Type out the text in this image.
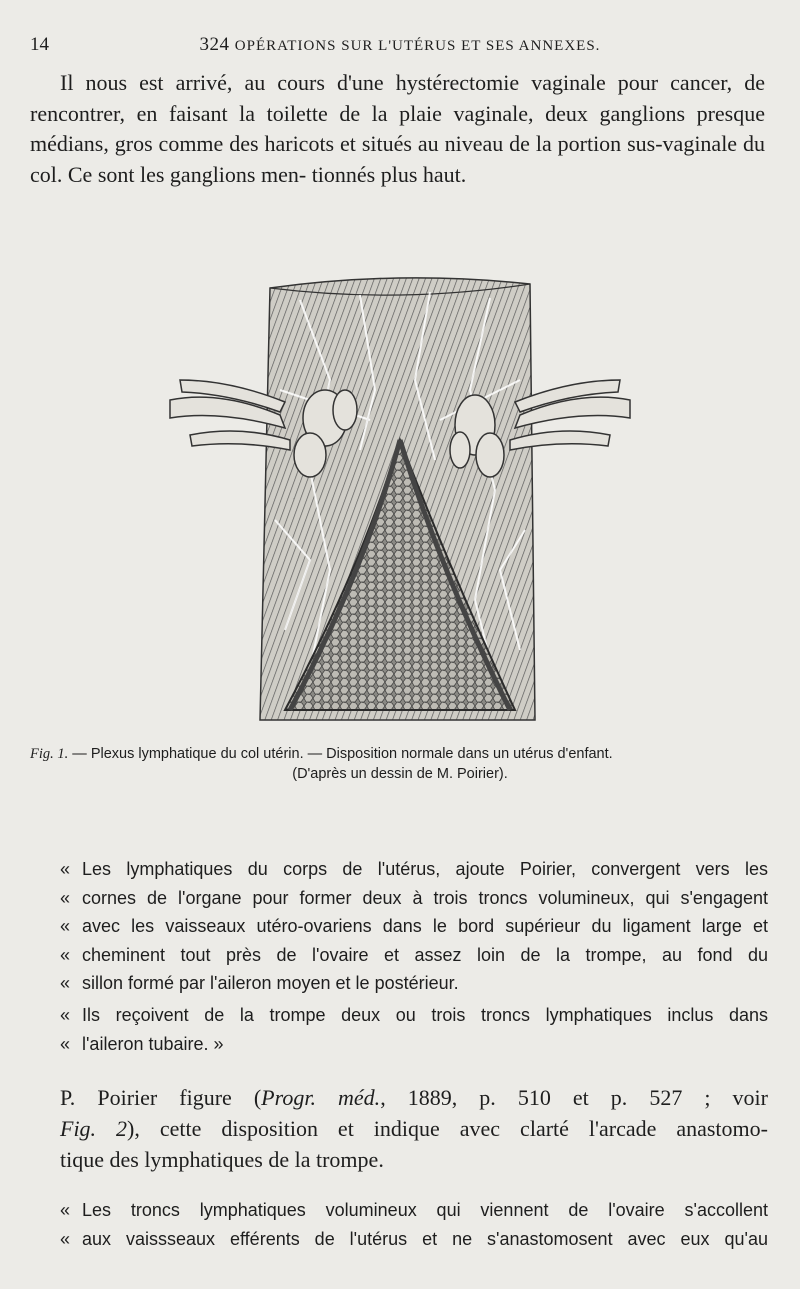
14	324 OPÉRATIONS SUR L'UTÉRUS ET SES ANNEXES.

Il nous est arrivé, au cours d'une hystérectomie vaginale pour cancer, de rencontrer, en faisant la toilette de la plaie vaginale, deux ganglions presque médians, gros comme des haricots et situés au niveau de la portion sus-vaginale du col. Ce sont les ganglions men- tionnés plus haut.

Fig. 1. — Plexus lymphatique du col utérin. — Disposition normale dans un utérus d'enfant.
(D'après un dessin de M. Poirier).
« Les lymphatiques du corps de l'utérus, ajoute Poirier, convergent vers les
« cornes de l'organe pour former deux à trois troncs volumineux, qui s'engagent
« avec les vaisseaux utéro-ovariens dans le bord supérieur du ligament large et
« cheminent tout près de l'ovaire et assez loin de la trompe, au fond du
« sillon formé par l'aileron moyen et le postérieur.
« Ils reçoivent de la trompe deux ou trois troncs lymphatiques inclus dans
« l'aileron tubaire. »
P. Poirier figure (Progr. méd., 1889, p. 510 et p. 527 ; voir
Fig. 2), cette disposition et indique avec clarté l'arcade anastomo-
tique des lymphatiques de la trompe.
« Les troncs lymphatiques volumineux qui viennent de l'ovaire s'accollent
« aux vaissseaux efférents de l'utérus et ne s'anastomosent avec eux qu'au
